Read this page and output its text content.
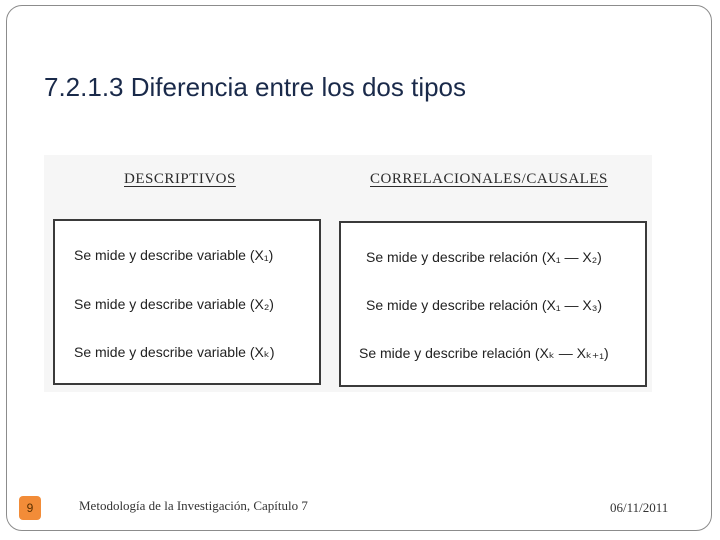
7.2.1.3 Diferencia entre los dos tipos
DESCRIPTIVOS	CORRELACIONALES/CAUSALES
Se mide y describe variable (X₁)
Se mide y describe variable (X₂)
Se mide y describe variable (Xₖ)
Se mide y describe relación (X₁ — X₂)
Se mide y describe relación (X₁ — X₃)
Se mide y describe relación (Xₖ — Xₖ₊₁)
9	Metodología de la Investigación, Capítulo 7	06/11/2011
